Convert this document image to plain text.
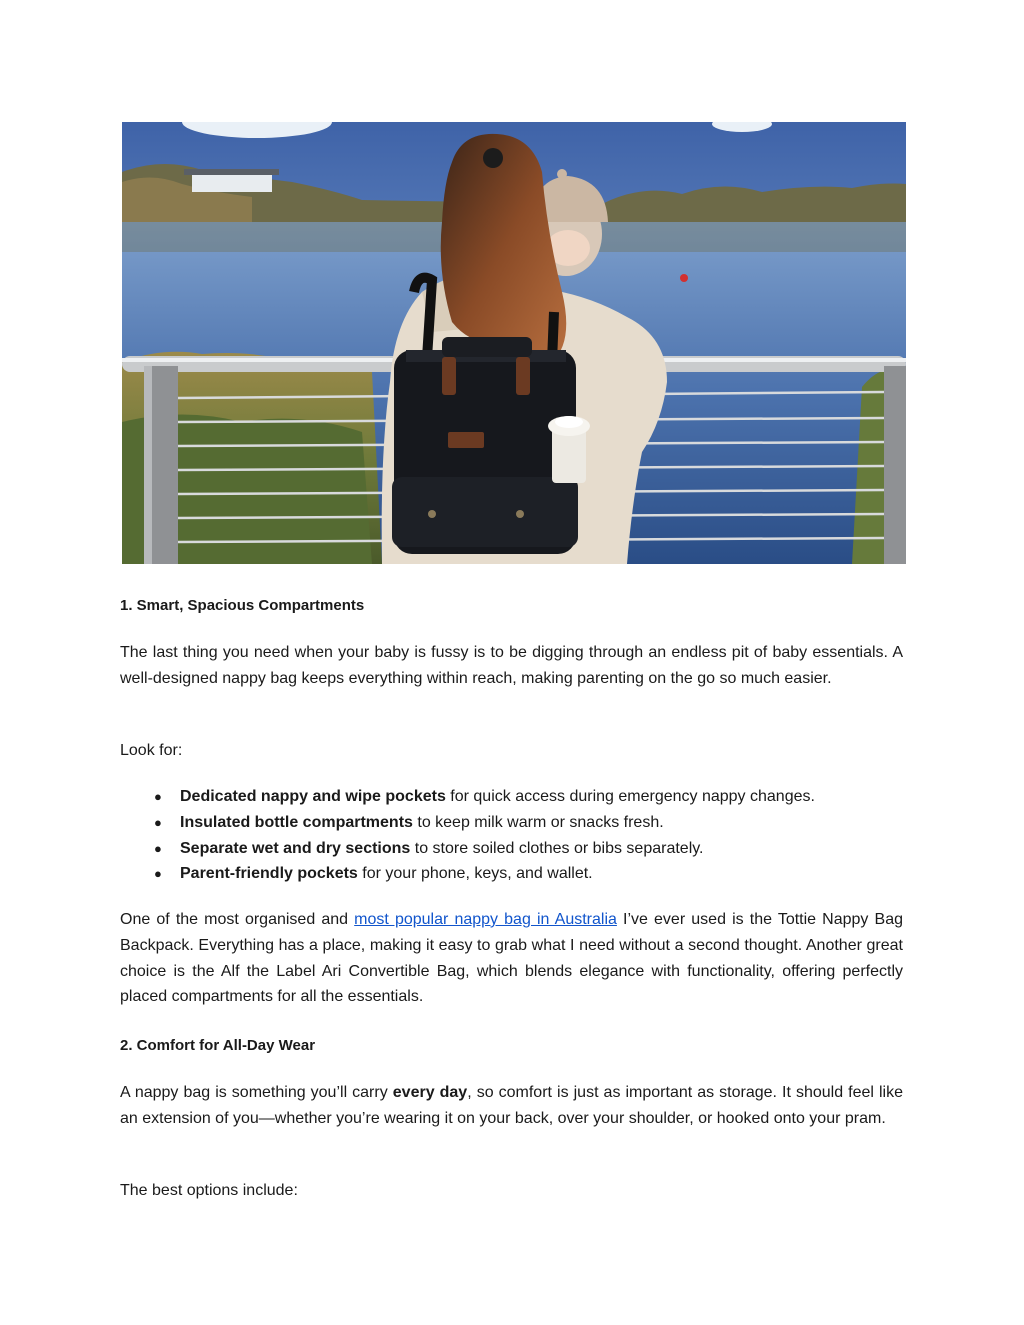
1. Smart, Spacious Compartments

The last thing you need when your baby is fussy is to be digging through an endless pit of baby essentials. A well-designed nappy bag keeps everything within reach, making parenting on the go so much easier.

Look for:

● Dedicated nappy and wipe pockets for quick access during emergency nappy changes.
● Insulated bottle compartments to keep milk warm or snacks fresh.
● Separate wet and dry sections to store soiled clothes or bibs separately.
● Parent-friendly pockets for your phone, keys, and wallet.

One of the most organised and most popular nappy bag in Australia I’ve ever used is the Tottie Nappy Bag Backpack. Everything has a place, making it easy to grab what I need without a second thought. Another great choice is the Alf the Label Ari Convertible Bag, which blends elegance with functionality, offering perfectly placed compartments for all the essentials.

2. Comfort for All-Day Wear

A nappy bag is something you’ll carry every day, so comfort is just as important as storage. It should feel like an extension of you—whether you’re wearing it on your back, over your shoulder, or hooked onto your pram.

The best options include:
